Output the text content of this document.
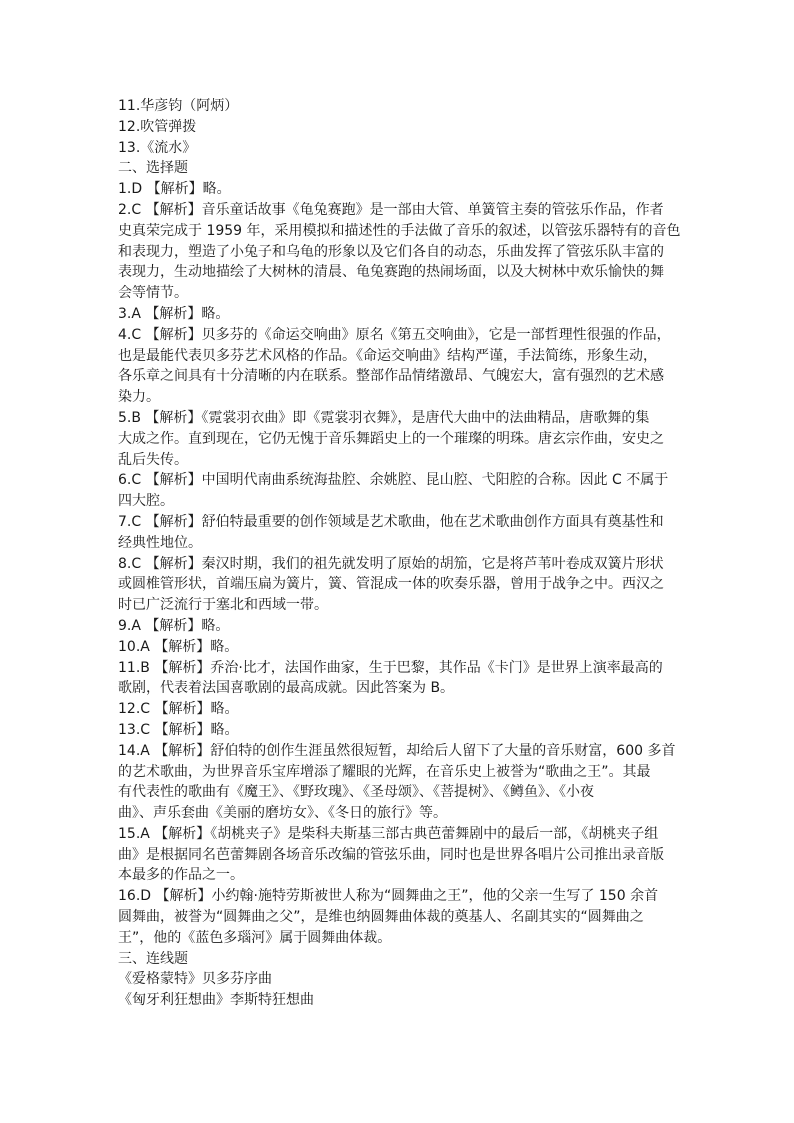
11.华彦钧（阿炳）
12.吹管弹拨
13.《流水》
二、选择题
1.D 【解析】略。
2.C 【解析】音乐童话故事《龟兔赛跑》是一部由大管、单簧管主奏的管弦乐作品，作者
史真荣完成于 1959 年，采用模拟和描述性的手法做了音乐的叙述，以管弦乐器特有的音色
和表现力，塑造了小兔子和乌龟的形象以及它们各自的动态，乐曲发挥了管弦乐队丰富的
表现力，生动地描绘了大树林的清晨、龟兔赛跑的热闹场面，以及大树林中欢乐愉快的舞
会等情节。
3.A 【解析】略。
4.C 【解析】贝多芬的《命运交响曲》原名《第五交响曲》，它是一部哲理性很强的作品，
也是最能代表贝多芬艺术风格的作品。《命运交响曲》结构严谨，手法简练，形象生动，
各乐章之间具有十分清晰的内在联系。整部作品情绪激昂、气魄宏大，富有强烈的艺术感
染力。
5.B 【解析】《霓裳羽衣曲》即《霓裳羽衣舞》，是唐代大曲中的法曲精品，唐歌舞的集
大成之作。直到现在，它仍无愧于音乐舞蹈史上的一个璀璨的明珠。唐玄宗作曲，安史之
乱后失传。
6.C 【解析】中国明代南曲系统海盐腔、余姚腔、昆山腔、弋阳腔的合称。因此 C 不属于
四大腔。
7.C 【解析】舒伯特最重要的创作领域是艺术歌曲，他在艺术歌曲创作方面具有奠基性和
经典性地位。
8.C 【解析】秦汉时期，我们的祖先就发明了原始的胡笳，它是将芦苇叶卷成双簧片形状
或圆椎管形状，首端压扁为簧片，簧、管混成一体的吹奏乐器，曾用于战争之中。西汉之
时已广泛流行于塞北和西域一带。
9.A 【解析】略。
10.A 【解析】略。
11.B 【解析】乔治·比才，法国作曲家，生于巴黎，其作品《卡门》是世界上演率最高的
歌剧，代表着法国喜歌剧的最高成就。因此答案为 B。
12.C 【解析】略。
13.C 【解析】略。
14.A 【解析】舒伯特的创作生涯虽然很短暂，却给后人留下了大量的音乐财富，600 多首
的艺术歌曲，为世界音乐宝库增添了耀眼的光辉，在音乐史上被誉为“歌曲之王”。其最
有代表性的歌曲有《魔王》、《野玫瑰》、《圣母颂》、《菩提树》、《鳟鱼》、《小夜
曲》、声乐套曲《美丽的磨坊女》、《冬日的旅行》等。
15.A 【解析】《胡桃夹子》是柴科夫斯基三部古典芭蕾舞剧中的最后一部，《胡桃夹子组
曲》是根据同名芭蕾舞剧各场音乐改编的管弦乐曲，同时也是世界各唱片公司推出录音版
本最多的作品之一。
16.D 【解析】小约翰·施特劳斯被世人称为“圆舞曲之王”，他的父亲一生写了 150 余首
圆舞曲，被誉为“圆舞曲之父”，是维也纳圆舞曲体裁的奠基人、名副其实的“圆舞曲之
王”，他的《蓝色多瑙河》属于圆舞曲体裁。
三、连线题
《爱格蒙特》贝多芬序曲
《匈牙利狂想曲》李斯特狂想曲
